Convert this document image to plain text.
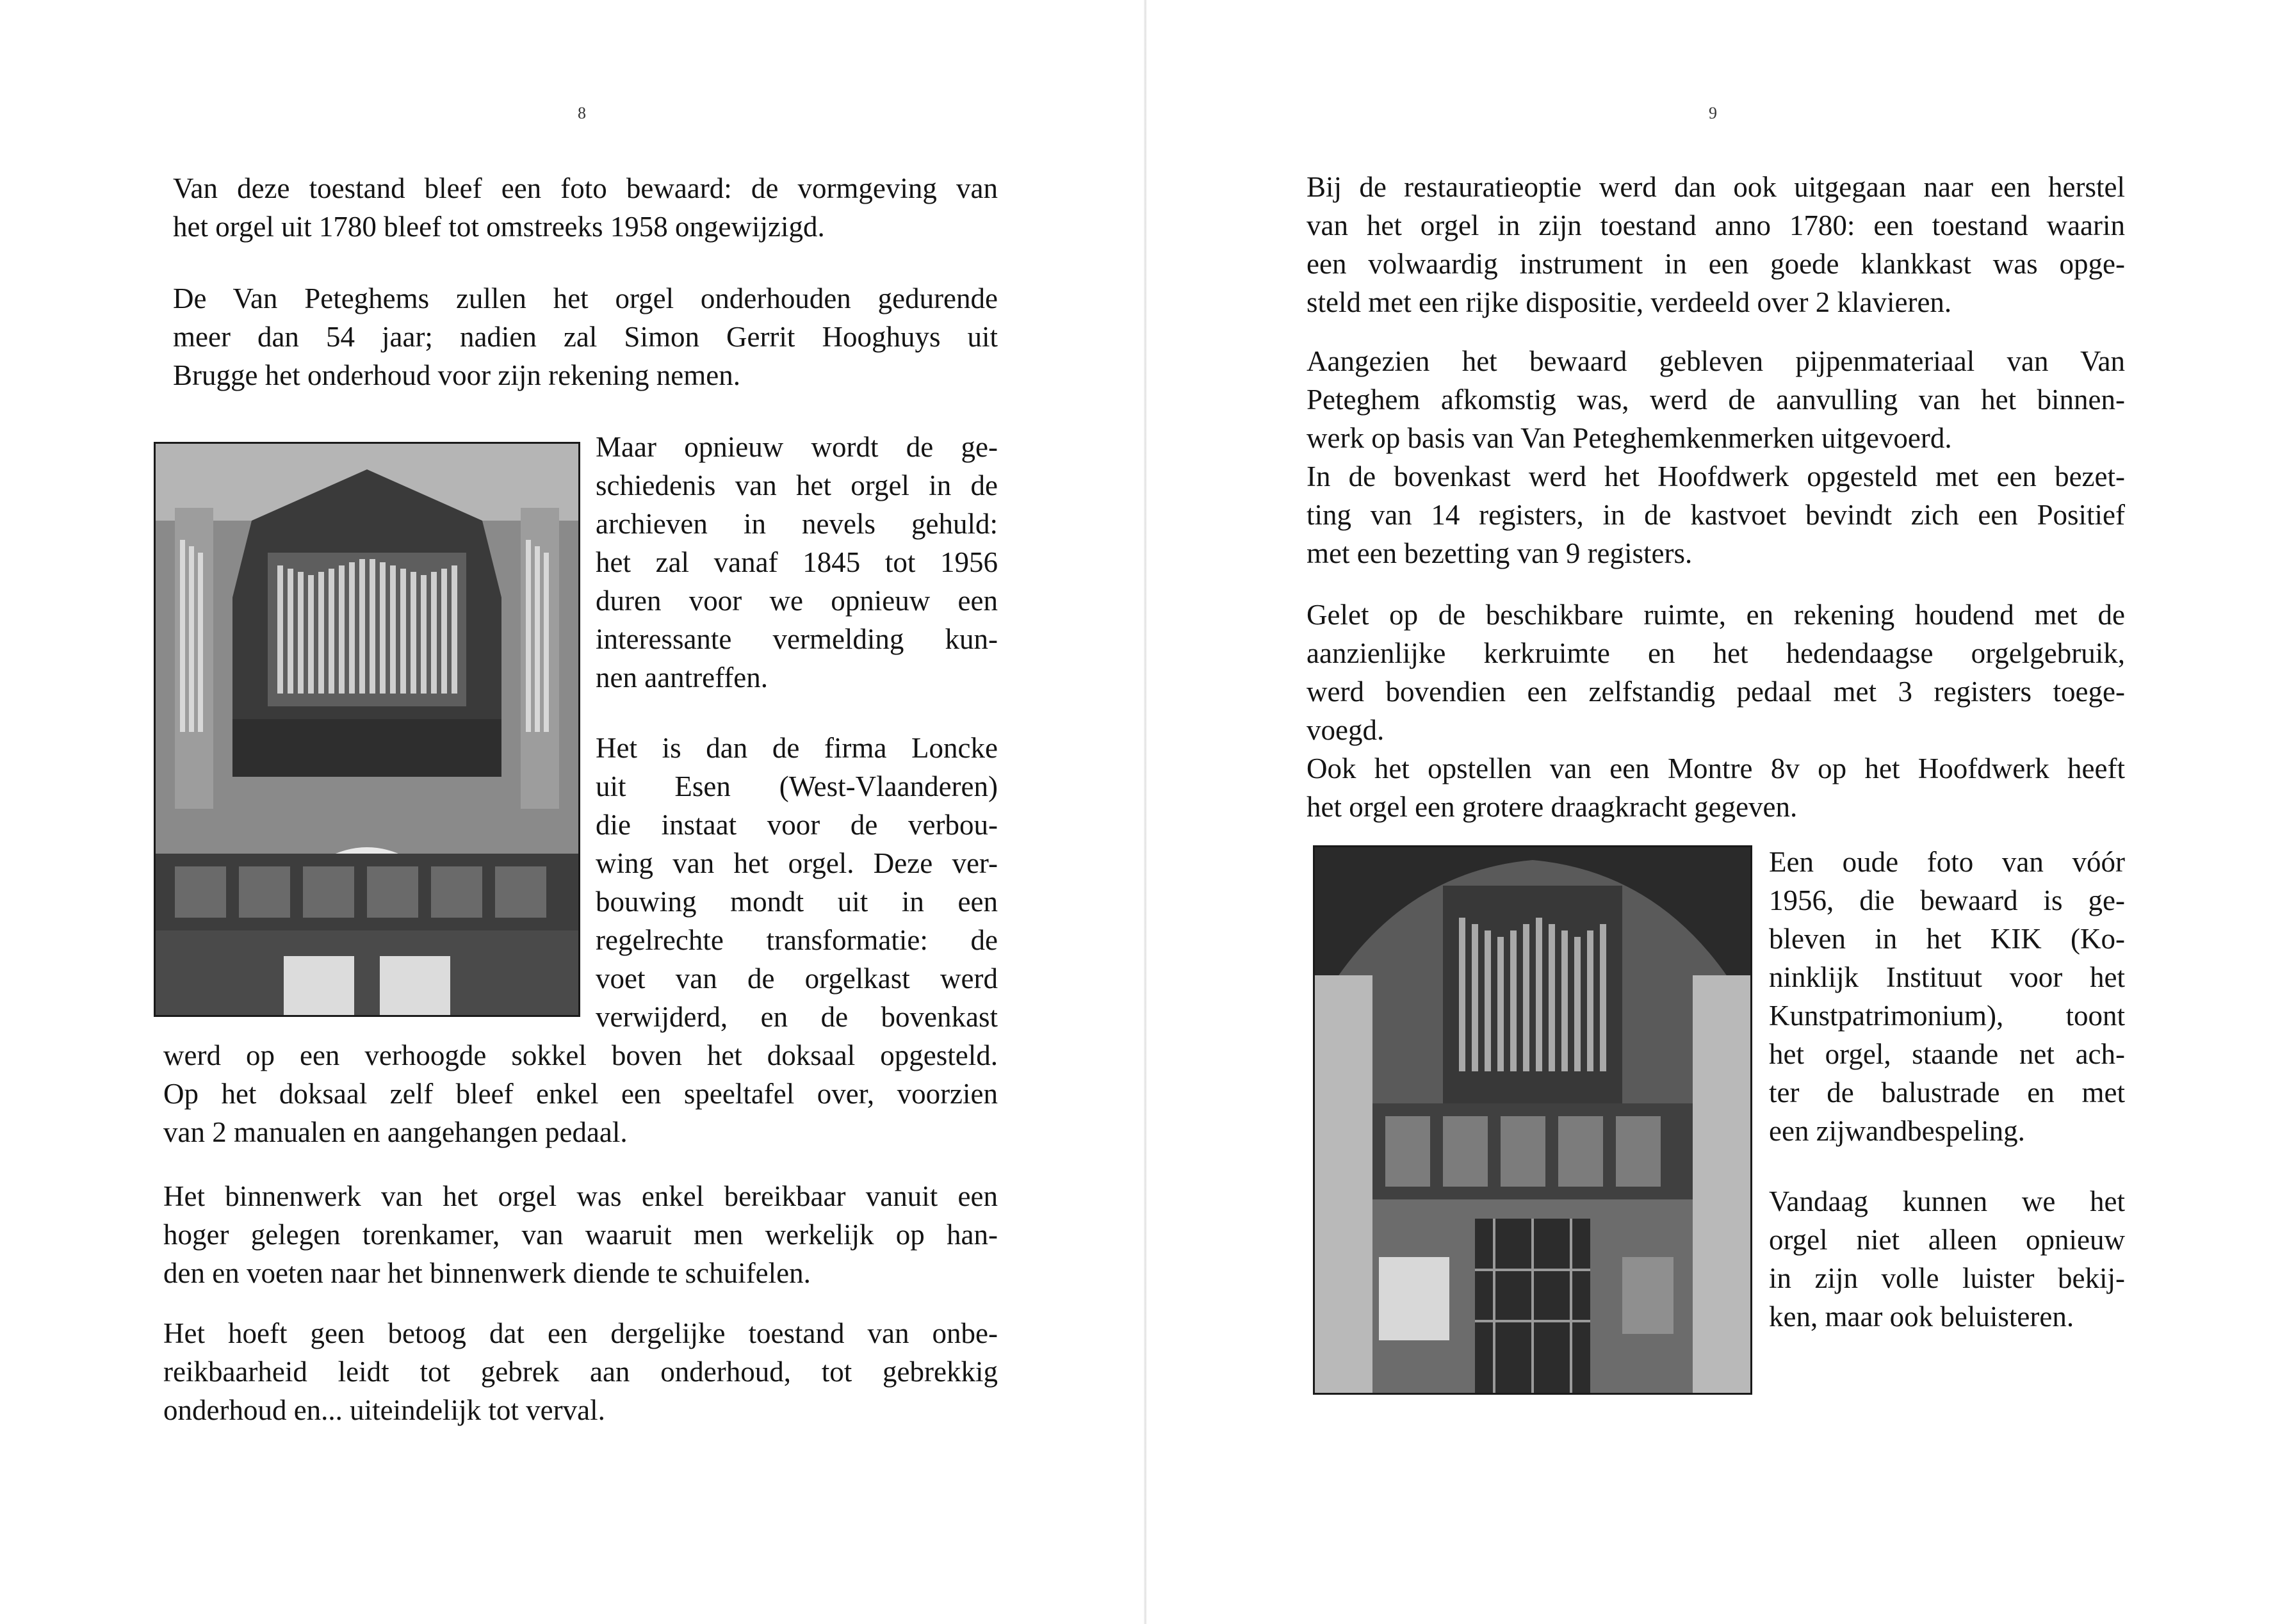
8
Van deze toestand bleef een foto bewaard: de vormgeving van
het orgel uit 1780 bleef tot omstreeks 1958 ongewijzigd.
De Van Peteghems zullen het orgel onderhouden gedurende
meer dan 54 jaar; nadien zal Simon Gerrit Hooghuys uit
Brugge het onderhoud voor zijn rekening nemen.
Maar opnieuw wordt de ge-
schiedenis van het orgel in de
archieven in nevels gehuld:
het zal vanaf 1845 tot 1956
duren voor we opnieuw een
interessante vermelding kun-
nen aantreffen.
Het is dan de firma Loncke
uit Esen (West-Vlaanderen)
die instaat voor de verbou-
wing van het orgel. Deze ver-
bouwing mondt uit in een
regelrechte transformatie: de
voet van de orgelkast werd
verwijderd, en de bovenkast
werd op een verhoogde sokkel boven het doksaal opgesteld.
Op het doksaal zelf bleef enkel een speeltafel over, voorzien
van 2 manualen en aangehangen pedaal.
Het binnenwerk van het orgel was enkel bereikbaar vanuit een
hoger gelegen torenkamer, van waaruit men werkelijk op han-
den en voeten naar het binnenwerk diende te schuifelen.
Het hoeft geen betoog dat een dergelijke toestand van onbe-
reikbaarheid leidt tot gebrek aan onderhoud, tot gebrekkig
onderhoud en... uiteindelijk tot verval.
9
Bij de restauratieoptie werd dan ook uitgegaan naar een herstel
van het orgel in zijn toestand anno 1780: een toestand waarin
een volwaardig instrument in een goede klankkast was opge-
steld met een rijke dispositie, verdeeld over 2 klavieren.
Aangezien het bewaard gebleven pijpenmateriaal van Van
Peteghem afkomstig was, werd de aanvulling van het binnen-
werk op basis van Van Peteghemkenmerken uitgevoerd.
In de bovenkast werd het Hoofdwerk opgesteld met een bezet-
ting van 14 registers, in de kastvoet bevindt zich een Positief
met een bezetting van 9 registers.
Gelet op de beschikbare ruimte, en rekening houdend met de
aanzienlijke kerkruimte en het hedendaagse orgelgebruik,
werd bovendien een zelfstandig pedaal met 3 registers toege-
voegd.
Ook het opstellen van een Montre 8v op het Hoofdwerk heeft
het orgel een grotere draagkracht gegeven.
Een oude foto van vóór
1956, die bewaard is ge-
bleven in het KIK (Ko-
ninklijk Instituut voor het
Kunstpatrimonium), toont
het orgel, staande net ach-
ter de balustrade en met
een zijwandbespeling.
Vandaag kunnen we het
orgel niet alleen opnieuw
in zijn volle luister bekij-
ken, maar ook beluisteren.
